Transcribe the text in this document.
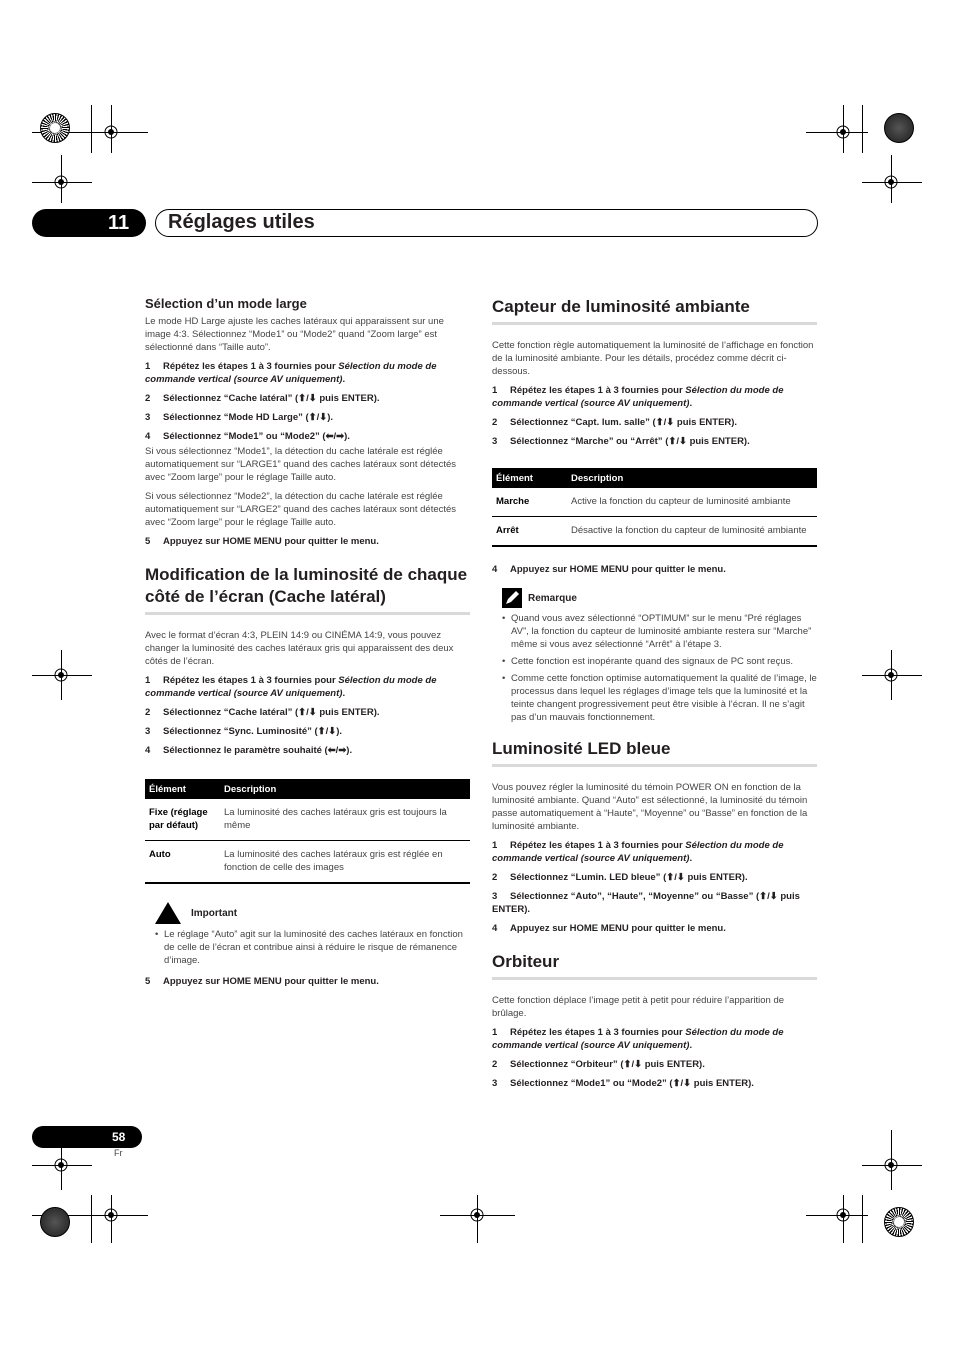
11 Réglages utiles
Sélection d’un mode large

Le mode HD Large ajuste les caches latéraux qui apparaissent sur une image 4:3. Sélectionnez “Mode1” ou “Mode2” quand “Zoom large” est sélectionné dans “Taille auto”.

1 Répétez les étapes 1 à 3 fournies pour Sélection du mode de commande vertical (source AV uniquement).
2 Sélectionnez “Cache latéral” (⬆/⬇ puis ENTER).
3 Sélectionnez “Mode HD Large” (⬆/⬇).
4 Sélectionnez “Mode1” ou “Mode2” (⬅/➡).

Si vous sélectionnez “Mode1”, la détection du cache latérale est réglée automatiquement sur “LARGE1” quand des caches latéraux sont détectés avec “Zoom large” pour le réglage Taille auto.

Si vous sélectionnez “Mode2”, la détection du cache latérale est réglée automatiquement sur “LARGE2” quand des caches latéraux sont détectés avec “Zoom large” pour le réglage Taille auto.

5 Appuyez sur HOME MENU pour quitter le menu.
Modification de la luminosité de chaque côté de l’écran (Cache latéral)

Avec le format d’écran 4:3, PLEIN 14:9 ou CINÉMA 14:9, vous pouvez changer la luminosité des caches latéraux gris qui apparaissent des deux côtés de l’écran.

1 Répétez les étapes 1 à 3 fournies pour Sélection du mode de commande vertical (source AV uniquement).
2 Sélectionnez “Cache latéral” (⬆/⬇ puis ENTER).
3 Sélectionnez “Sync. Luminosité” (⬆/⬇).
4 Sélectionnez le paramètre souhaité (⬅/➡).
Élément	Description
Fixe (réglage par défaut)	La luminosité des caches latéraux gris est toujours la même
Auto	La luminosité des caches latéraux gris est réglée en fonction de celle des images
Important
• Le réglage “Auto” agit sur la luminosité des caches latéraux en fonction de celle de l’écran et contribue ainsi à réduire le risque de rémanence d’image.
5 Appuyez sur HOME MENU pour quitter le menu.
Capteur de luminosité ambiante

Cette fonction règle automatiquement la luminosité de l’affichage en fonction de la luminosité ambiante. Pour les détails, procédez comme décrit ci-dessous.

1 Répétez les étapes 1 à 3 fournies pour Sélection du mode de commande vertical (source AV uniquement).
2 Sélectionnez “Capt. lum. salle” (⬆/⬇ puis ENTER).
3 Sélectionnez “Marche” ou “Arrêt” (⬆/⬇ puis ENTER).
Élément	Description
Marche	Active la fonction du capteur de luminosité ambiante
Arrêt	Désactive la fonction du capteur de luminosité ambiante
4 Appuyez sur HOME MENU pour quitter le menu.
Remarque
• Quand vous avez sélectionné “OPTIMUM” sur le menu “Pré réglages AV”, la fonction du capteur de luminosité ambiante restera sur “Marche” même si vous avez sélectionné “Arrêt” à l’étape 3.
• Cette fonction est inopérante quand des signaux de PC sont reçus.
• Comme cette fonction optimise automatiquement la qualité de l’image, le processus dans lequel les réglages d’image tels que la luminosité et la teinte changent progressivement peut être visible à l’écran. Il ne s’agit pas d’un mauvais fonctionnement.
Luminosité LED bleue

Vous pouvez régler la luminosité du témoin POWER ON en fonction de la luminosité ambiante. Quand “Auto” est sélectionné, la luminosité du témoin passe automatiquement à “Haute”, “Moyenne” ou “Basse” en fonction de la luminosité ambiante.

1 Répétez les étapes 1 à 3 fournies pour Sélection du mode de commande vertical (source AV uniquement).
2 Sélectionnez “Lumin. LED bleue” (⬆/⬇ puis ENTER).
3 Sélectionnez “Auto”, “Haute”, “Moyenne” ou “Basse” (⬆/⬇ puis ENTER).
4 Appuyez sur HOME MENU pour quitter le menu.
Orbiteur

Cette fonction déplace l’image petit à petit pour réduire l’apparition de brûlage.

1 Répétez les étapes 1 à 3 fournies pour Sélection du mode de commande vertical (source AV uniquement).
2 Sélectionnez “Orbiteur” (⬆/⬇ puis ENTER).
3 Sélectionnez “Mode1” ou “Mode2” (⬆/⬇ puis ENTER).
58
Fr
